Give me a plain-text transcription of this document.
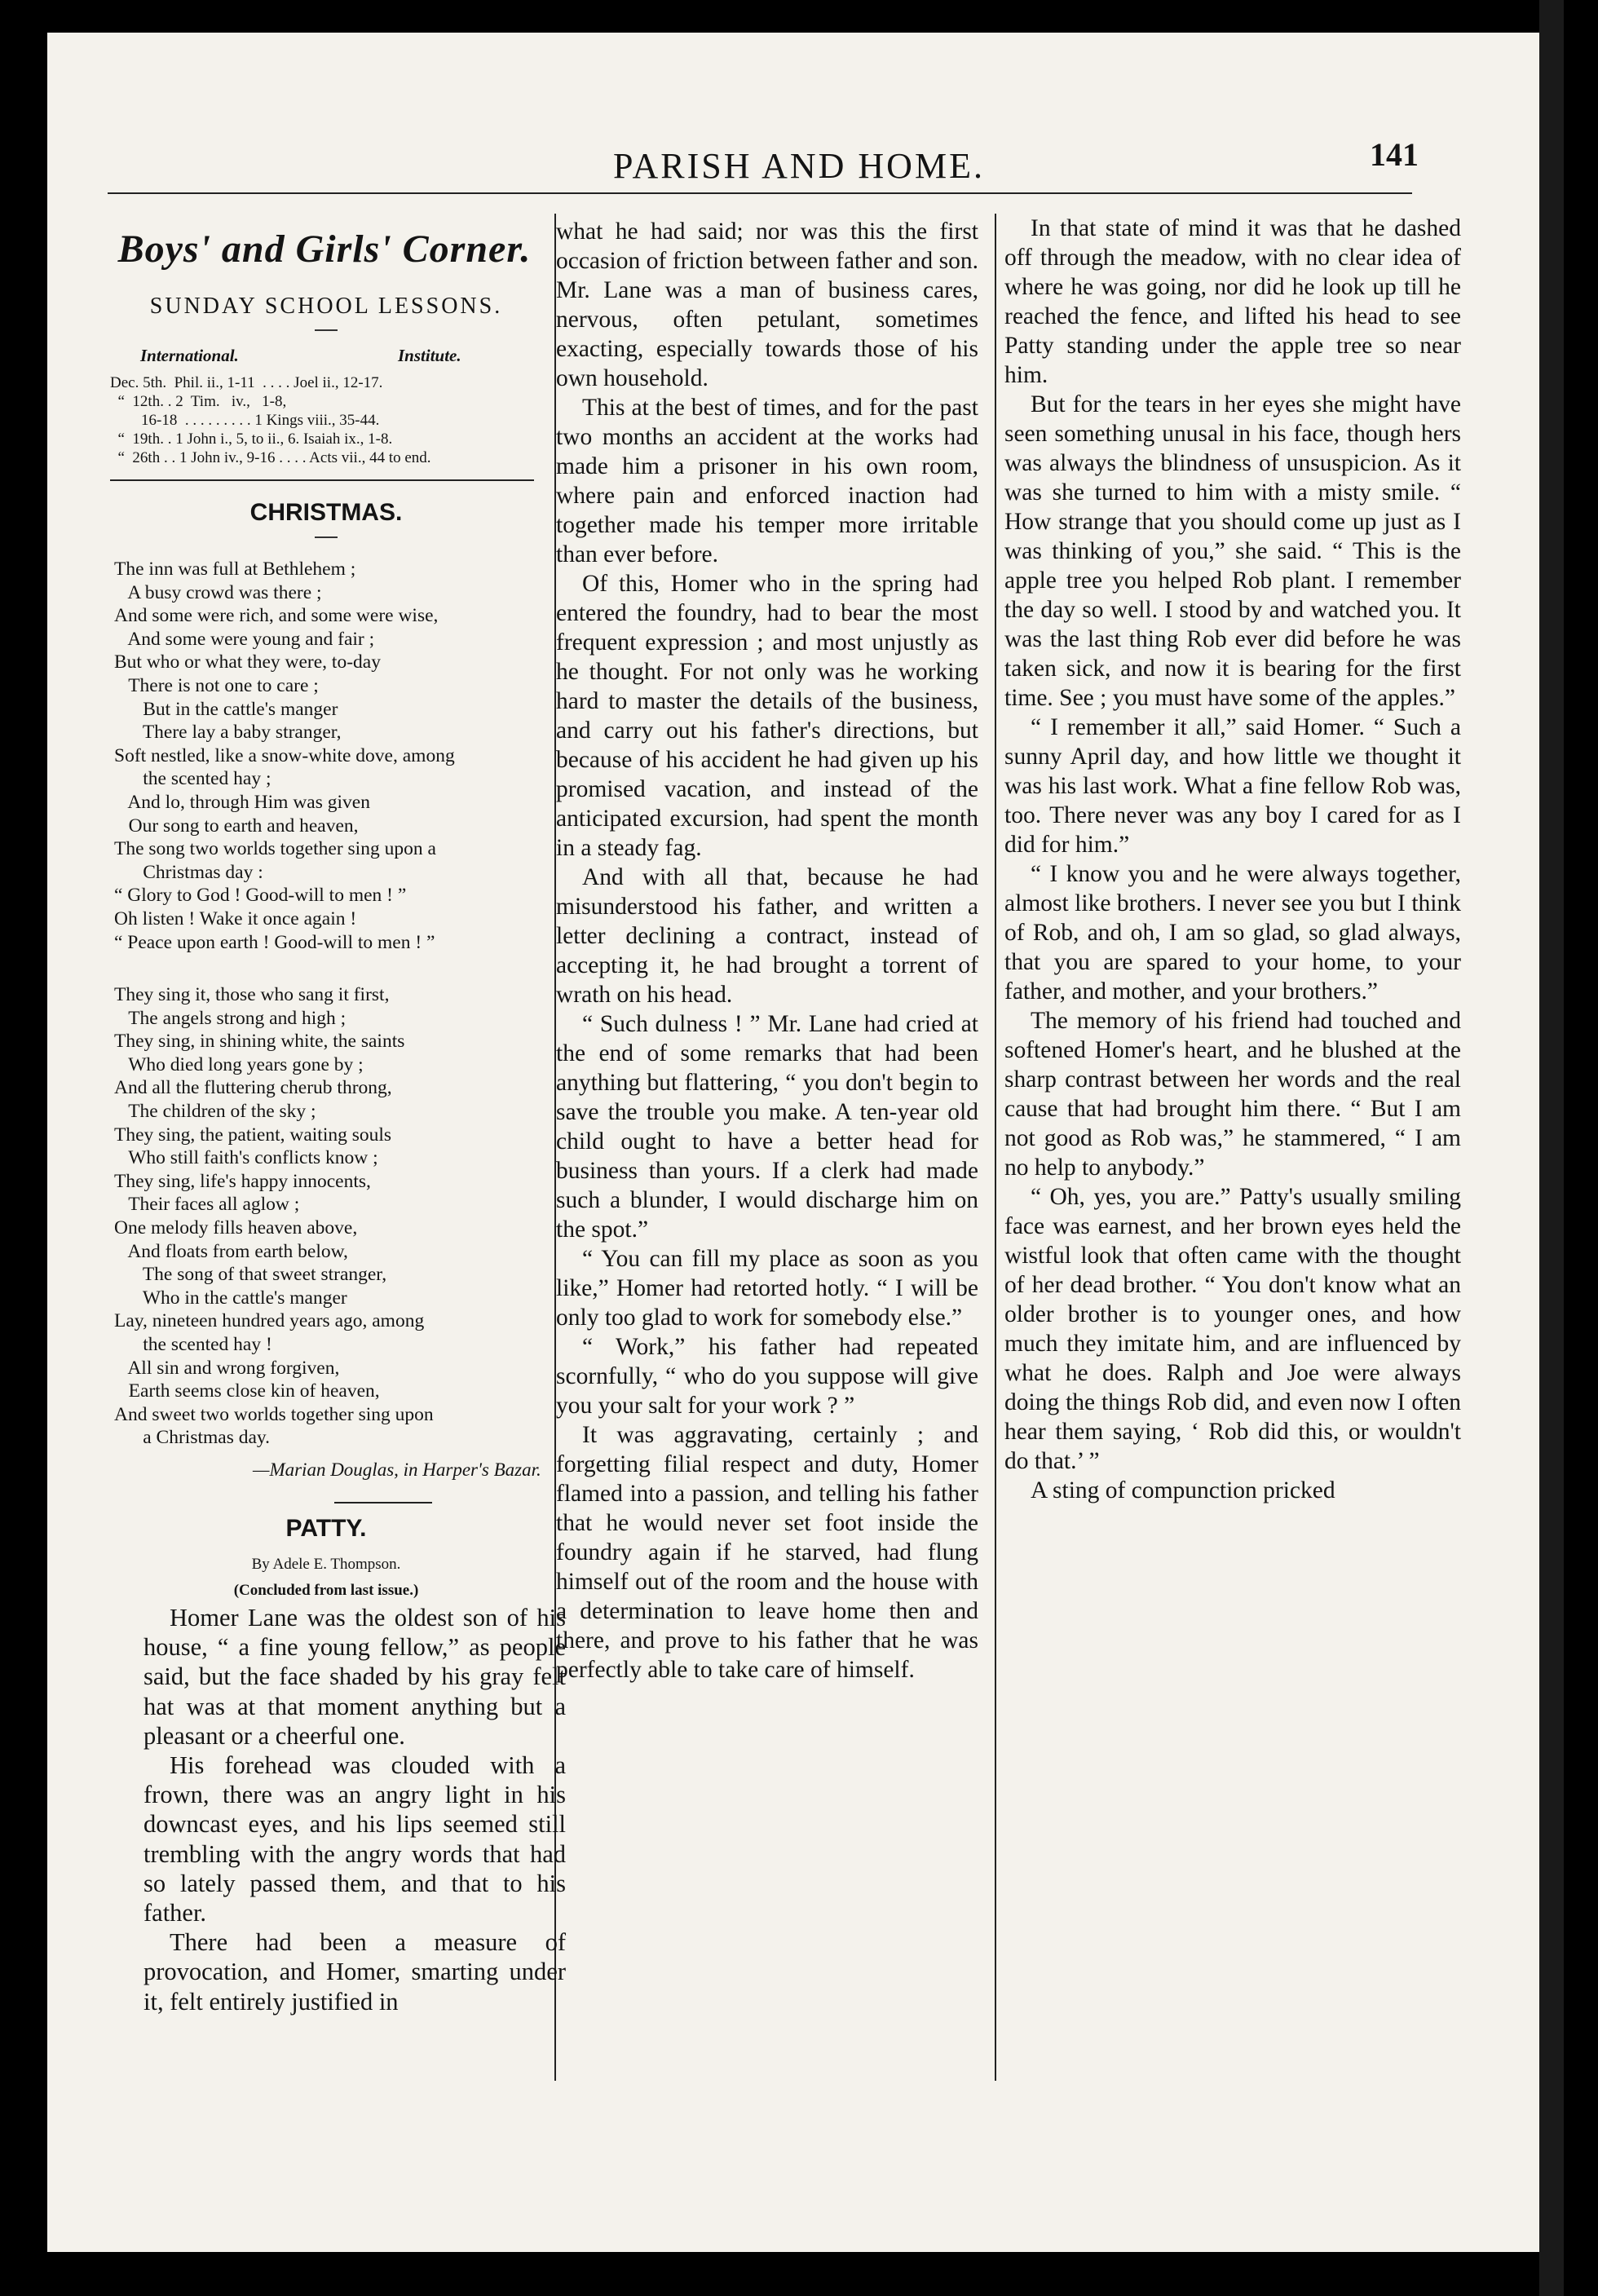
PARISH AND HOME.	141
Boys' and Girls' Corner.
SUNDAY SCHOOL LESSONS.
International.	Institute.
Dec. 5th.  Phil. ii., 1-11  . . . . Joel ii., 12-17.
“  12th. . 2  Tim.   iv.,   1-8,
16-18  . . . . . . . . . 1 Kings viii., 35-44.
“  19th. . 1 John i., 5, to ii., 6. Isaiah ix., 1-8.
“  26th . . 1 John iv., 9-16 . . . . Acts vii., 44 to end.
CHRISTMAS.
The inn was full at Bethlehem ;
A busy crowd was there ;
And some were rich, and some were wise,
And some were young and fair ;
But who or what they were, to-day
There is not one to care ;
But in the cattle's manger
There lay a baby stranger,
Soft nestled, like a snow-white dove, among
the scented hay ;
And lo, through Him was given
Our song to earth and heaven,
The song two worlds together sing upon a
Christmas day :
“ Glory to God ! Good-will to men ! ”
Oh listen ! Wake it once again !
“ Peace upon earth ! Good-will to men ! ”
They sing it, those who sang it first,
The angels strong and high ;
They sing, in shining white, the saints
Who died long years gone by ;
And all the fluttering cherub throng,
The children of the sky ;
They sing, the patient, waiting souls
Who still faith's conflicts know ;
They sing, life's happy innocents,
Their faces all aglow ;
One melody fills heaven above,
And floats from earth below,
The song of that sweet stranger,
Who in the cattle's manger
Lay, nineteen hundred years ago, among
the scented hay !
All sin and wrong forgiven,
Earth seems close kin of heaven,
And sweet two worlds together sing upon
a Christmas day.
—Marian Douglas, in Harper's Bazar.
PATTY.
By Adele E. Thompson.
(Concluded from last issue.)

Homer Lane was the oldest son of his house, “ a fine young fellow,” as people said, but the face shaded by his gray felt hat was at that moment anything but a pleasant or a cheerful one.

His forehead was clouded with a frown, there was an angry light in his downcast eyes, and his lips seemed still trembling with the angry words that had so lately passed them, and that to his father.

There had been a measure of provocation, and Homer, smarting under it, felt entirely justified in

what he had said; nor was this the first occasion of friction between father and son. Mr. Lane was a man of business cares, nervous, often petulant, sometimes exacting, especially towards those of his own household.

This at the best of times, and for the past two months an accident at the works had made him a prisoner in his own room, where pain and enforced inaction had together made his temper more irritable than ever before.

Of this, Homer who in the spring had entered the foundry, had to bear the most frequent expression ; and most unjustly as he thought. For not only was he working hard to master the details of the business, and carry out his father's directions, but because of his accident he had given up his promised vacation, and instead of the anticipated excursion, had spent the month in a steady fag.

And with all that, because he had misunderstood his father, and written a letter declining a contract, instead of accepting it, he had brought a torrent of wrath on his head.

“ Such dulness ! ” Mr. Lane had cried at the end of some remarks that had been anything but flattering, “ you don't begin to save the trouble you make. A ten-year old child ought to have a better head for business than yours. If a clerk had made such a blunder, I would discharge him on the spot.”

“ You can fill my place as soon as you like,” Homer had retorted hotly. “ I will be only too glad to work for somebody else.”

“ Work,” his father had repeated scornfully, “ who do you suppose will give you your salt for your work ? ”

It was aggravating, certainly ; and forgetting filial respect and duty, Homer flamed into a passion, and telling his father that he would never set foot inside the foundry again if he starved, had flung himself out of the room and the house with a determination to leave home then and there, and prove to his father that he was perfectly able to take care of himself.

In that state of mind it was that he dashed off through the meadow, with no clear idea of where he was going, nor did he look up till he reached the fence, and lifted his head to see Patty standing under the apple tree so near him.

But for the tears in her eyes she might have seen something unusal in his face, though hers was always the blindness of unsuspicion. As it was she turned to him with a misty smile. “ How strange that you should come up just as I was thinking of you,” she said. “ This is the apple tree you helped Rob plant. I remember the day so well. I stood by and watched you. It was the last thing Rob ever did before he was taken sick, and now it is bearing for the first time. See ; you must have some of the apples.”

“ I remember it all,” said Homer. “ Such a sunny April day, and how little we thought it was his last work. What a fine fellow Rob was, too. There never was any boy I cared for as I did for him.”

“ I know you and he were always together, almost like brothers. I never see you but I think of Rob, and oh, I am so glad, so glad always, that you are spared to your home, to your father, and mother, and your brothers.”

The memory of his friend had touched and softened Homer's heart, and he blushed at the sharp contrast between her words and the real cause that had brought him there. “ But I am not good as Rob was,” he stammered, “ I am no help to anybody.”

“ Oh, yes, you are.” Patty's usually smiling face was earnest, and her brown eyes held the wistful look that often came with the thought of her dead brother. “ You don't know what an older brother is to younger ones, and how much they imitate him, and are influenced by what he does. Ralph and Joe were always doing the things Rob did, and even now I often hear them saying, ‘ Rob did this, or wouldn't do that.’ ”

A sting of compunction pricked
